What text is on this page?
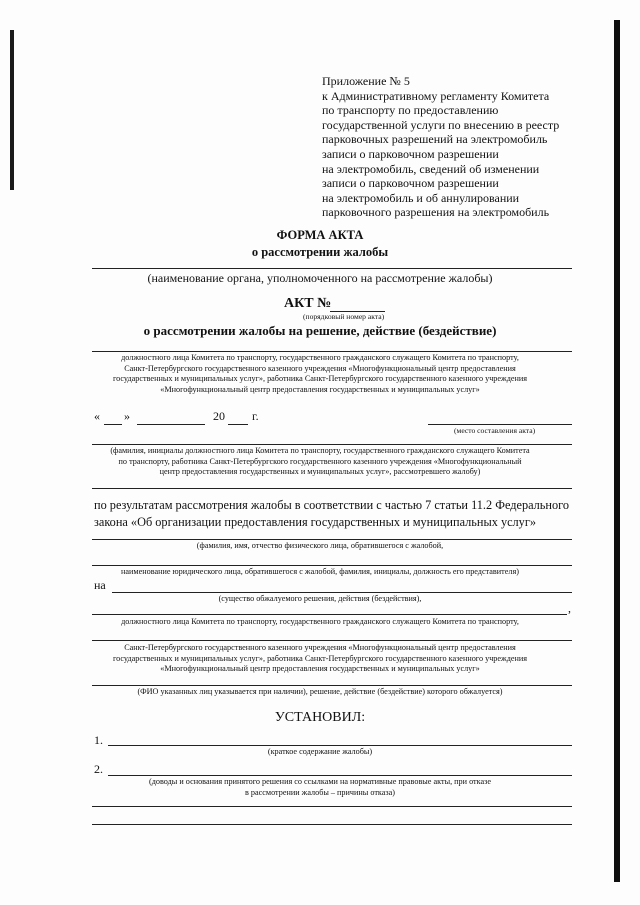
Приложение № 5
к Административному регламенту Комитета
по транспорту по предоставлению
государственной услуги по внесению в реестр
парковочных разрешений на электромобиль
записи о парковочном разрешении
на электромобиль, сведений об изменении
записи о парковочном разрешении
на электромобиль и об аннулировании
парковочного разрешения на электромобиль
ФОРМА АКТА
о рассмотрении жалобы
(наименование органа, уполномоченного на рассмотрение жалобы)
АКТ №
(порядковый номер акта)
о рассмотрении жалобы на решение, действие (бездействие)
должностного лица Комитета по транспорту, государственного гражданского служащего Комитета по транспорту,
Санкт-Петербургского государственного казенного учреждения «Многофункциональный центр предоставления
государственных и муниципальных услуг», работника Санкт-Петербургского государственного казенного учреждения
«Многофункциональный центр предоставления государственных и муниципальных услуг»
« »	20 г.
(место составления акта)
(фамилия, инициалы должностного лица Комитета по транспорту, государственного гражданского служащего Комитета
по транспорту, работника Санкт-Петербургского государственного казенного учреждения «Многофункциональный
центр предоставления государственных и муниципальных услуг», рассмотревшего жалобу)
по результатам рассмотрения жалобы в соответствии с частью 7 статьи 11.2 Федерального
закона «Об организации предоставления государственных и муниципальных услуг»
(фамилия, имя, отчество физического лица, обратившегося с жалобой,
наименование юридического лица, обратившегося с жалобой, фамилия, инициалы, должность его представителя)
на
(существо обжалуемого решения, действия (бездействия),
,
должностного лица Комитета по транспорту, государственного гражданского служащего Комитета по транспорту,
Санкт-Петербургского государственного казенного учреждения «Многофункциональный центр предоставления
государственных и муниципальных услуг», работника Санкт-Петербургского государственного казенного учреждения
«Многофункциональный центр предоставления государственных и муниципальных услуг»
(ФИО указанных лиц указывается при наличии), решение, действие (бездействие) которого обжалуется)
УСТАНОВИЛ:
1.
(краткое содержание жалобы)
2.
(доводы и основания принятого решения со ссылками на нормативные правовые акты, при отказе
в рассмотрении жалобы – причины отказа)
